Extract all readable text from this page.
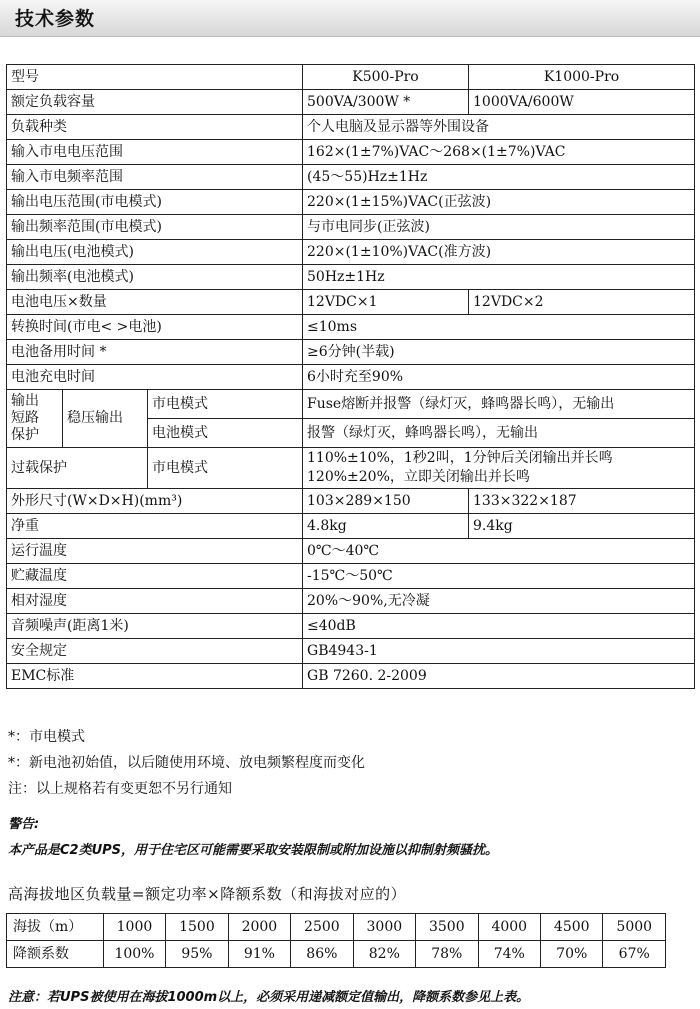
技术参数
型号			K500-Pro	K1000-Pro
额定负载容量			500VA/300W *	1000VA/600W
负载种类			个人电脑及显示器等外围设备	
输入市电电压范围			162×(1±7%)VAC～268×(1±7%)VAC	
输入市电频率范围			(45～55)Hz±1Hz	
输出电压范围(市电模式)			220×(1±15%)VAC(正弦波)	
输出频率范围(市电模式)			与市电同步(正弦波)	
输出电压(电池模式)			220×(1±10%)VAC(准方波)	
输出频率(电池模式)			50Hz±1Hz	
电池电压×数量			12VDC×1	12VDC×2
转换时间(市电< >电池)			≤10ms	
电池备用时间 *			≥6分钟(半载)	
电池充电时间			6小时充至90%	
输出
短路
保护	稳压输出	市电模式	Fuse熔断并报警（绿灯灭，蜂鸣器长鸣），无输出	
		电池模式	报警（绿灯灭，蜂鸣器长鸣），无输出	
过载保护		市电模式	110%±10%，1秒2叫，1分钟后关闭输出并长鸣
120%±20%，立即关闭输出并长鸣	
外形尺寸(W×D×H)(mm³)			103×289×150	133×322×187
净重			4.8kg	9.4kg
运行温度			0℃～40℃	
贮藏温度			-15℃～50℃	
相对湿度			20%～90%,无冷凝	
音频噪声(距离1米)			≤40dB	
安全规定			GB4943-1	
EMC标准			GB 7260. 2-2009	
*：市电模式
*：新电池初始值，以后随使用环境、放电频繁程度而变化
注：以上规格若有变更恕不另行通知
警告:
本产品是C2类UPS，用于住宅区可能需要采取安装限制或附加设施以抑制射频骚扰。
高海拔地区负载量=额定功率×降额系数（和海拔对应的）
海拔（m）	1000	1500	2000	2500	3000	3500	4000	4500	5000
降额系数	100%	95%	91%	86%	82%	78%	74%	70%	67%
注意：若UPS被使用在海拔1000m以上，必须采用递减额定值输出，降额系数参见上表。
